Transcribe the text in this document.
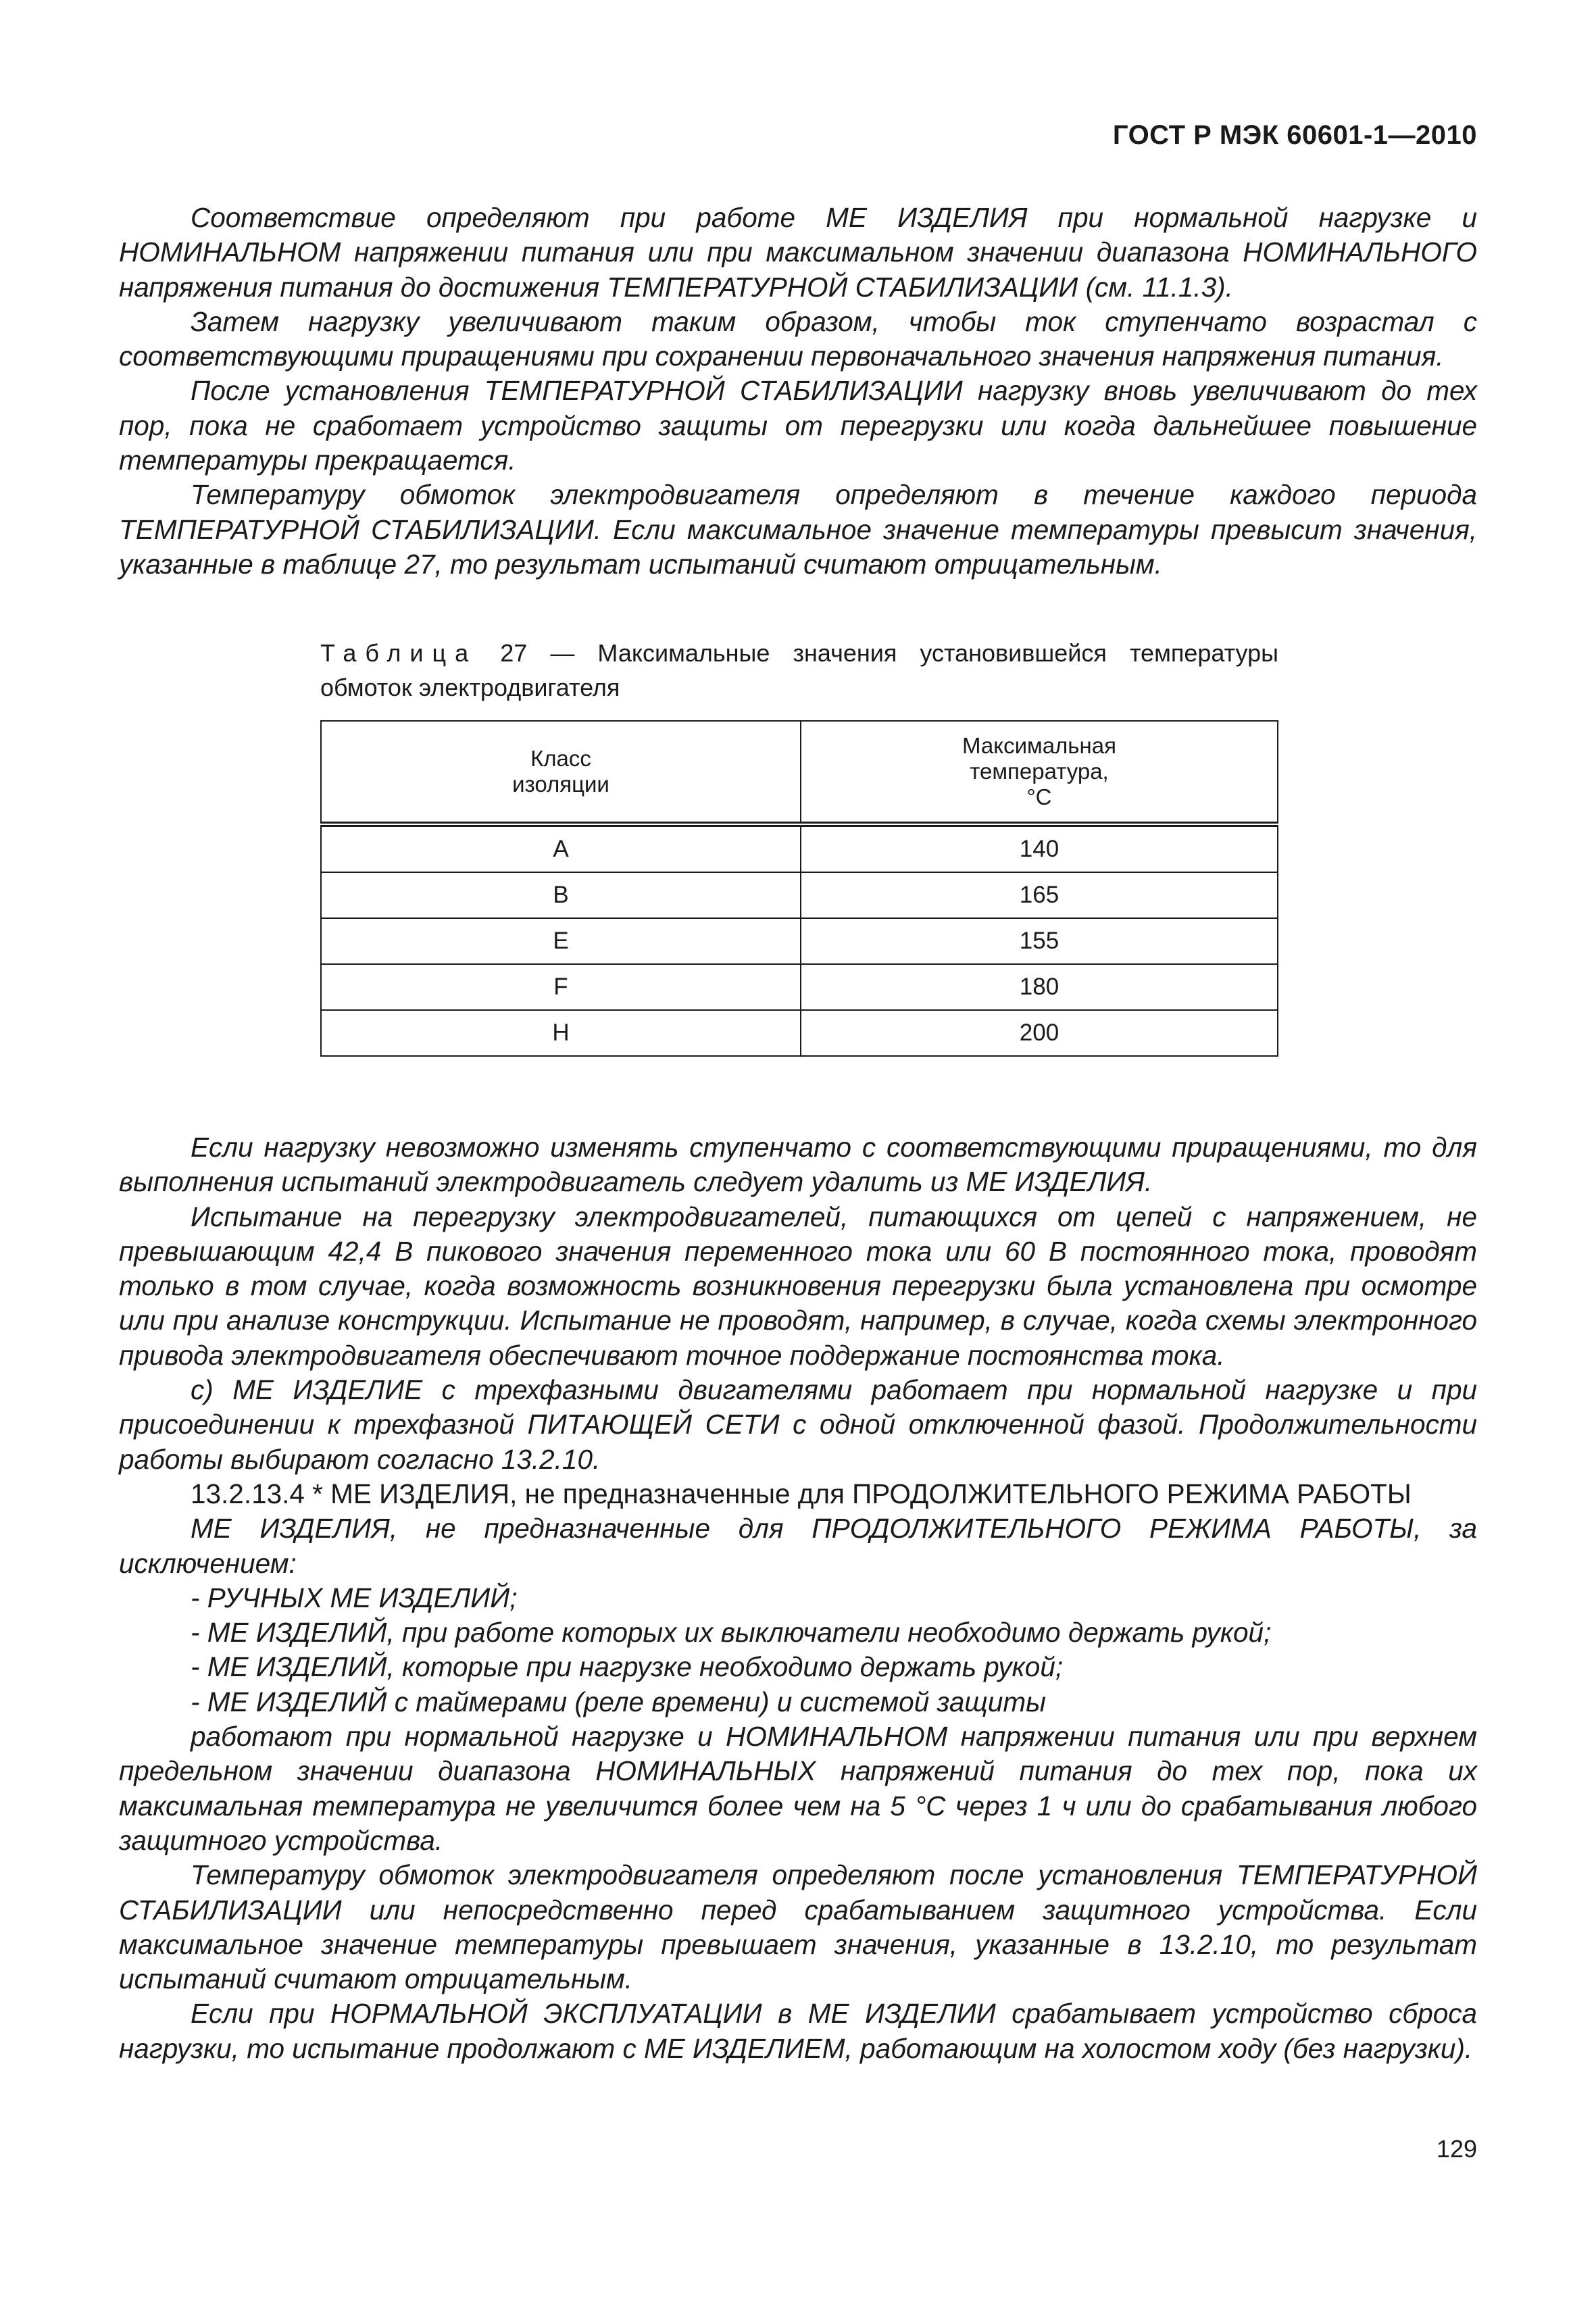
ГОСТ Р МЭК 60601-1—2010

Соответствие определяют при работе МЕ ИЗДЕЛИЯ при нормальной нагрузке и НОМИНАЛЬНОМ напряжении питания или при максимальном значении диапазона НОМИНАЛЬНОГО напряжения питания до достижения ТЕМПЕРАТУРНОЙ СТАБИЛИЗАЦИИ (см. 11.1.3).

Затем нагрузку увеличивают таким образом, чтобы ток ступенчато возрастал с соответствующими приращениями при сохранении первоначального значения напряжения питания.

После установления ТЕМПЕРАТУРНОЙ СТАБИЛИЗАЦИИ нагрузку вновь увеличивают до тех пор, пока не сработает устройство защиты от перегрузки или когда дальнейшее повышение температуры прекращается.

Температуру обмоток электродвигателя определяют в течение каждого периода ТЕМПЕРАТУРНОЙ СТАБИЛИЗАЦИИ. Если максимальное значение температуры превысит значения, указанные в таблице 27, то результат испытаний считают отрицательным.

Таблица 27 — Максимальные значения установившейся температуры обмоток электродвигателя
Класс изоляции	Максимальная
температура,
°С

A	140
B	165
E	155
F	180
H	200

Если нагрузку невозможно изменять ступенчато с соответствующими приращениями, то для выполнения испытаний электродвигатель следует удалить из МЕ ИЗДЕЛИЯ.

Испытание на перегрузку электродвигателей, питающихся от цепей с напряжением, не превышающим 42,4 В пикового значения переменного тока или 60 В постоянного тока, проводят только в том случае, когда возможность возникновения перегрузки была установлена при осмотре или при анализе конструкции. Испытание не проводят, например, в случае, когда схемы электронного привода электродвигателя обеспечивают точное поддержание постоянства тока.

с) МЕ ИЗДЕЛИЕ с трехфазными двигателями работает при нормальной нагрузке и при присоединении к трехфазной ПИТАЮЩЕЙ СЕТИ с одной отключенной фазой. Продолжительности работы выбирают согласно 13.2.10.

13.2.13.4 * МЕ ИЗДЕЛИЯ, не предназначенные для ПРОДОЛЖИТЕЛЬНОГО РЕЖИМА РАБОТЫ

МЕ ИЗДЕЛИЯ, не предназначенные для ПРОДОЛЖИТЕЛЬНОГО РЕЖИМА РАБОТЫ, за исключением:

- РУЧНЫХ МЕ ИЗДЕЛИЙ;

- МЕ ИЗДЕЛИЙ, при работе которых их выключатели необходимо держать рукой;

- МЕ ИЗДЕЛИЙ, которые при нагрузке необходимо держать рукой;

- МЕ ИЗДЕЛИЙ с таймерами (реле времени) и системой защиты

работают при нормальной нагрузке и НОМИНАЛЬНОМ напряжении питания или при верхнем предельном значении диапазона НОМИНАЛЬНЫХ напряжений питания до тех пор, пока их максимальная температура не увеличится более чем на 5 °С через 1 ч или до срабатывания любого защитного устройства.

Температуру обмоток электродвигателя определяют после установления ТЕМПЕРАТУРНОЙ СТАБИЛИЗАЦИИ или непосредственно перед срабатыванием защитного устройства. Если максимальное значение температуры превышает значения, указанные в 13.2.10, то результат испытаний считают отрицательным.

Если при НОРМАЛЬНОЙ ЭКСПЛУАТАЦИИ в МЕ ИЗДЕЛИИ срабатывает устройство сброса нагрузки, то испытание продолжают с МЕ ИЗДЕЛИЕМ, работающим на холостом ходу (без нагрузки).

129
